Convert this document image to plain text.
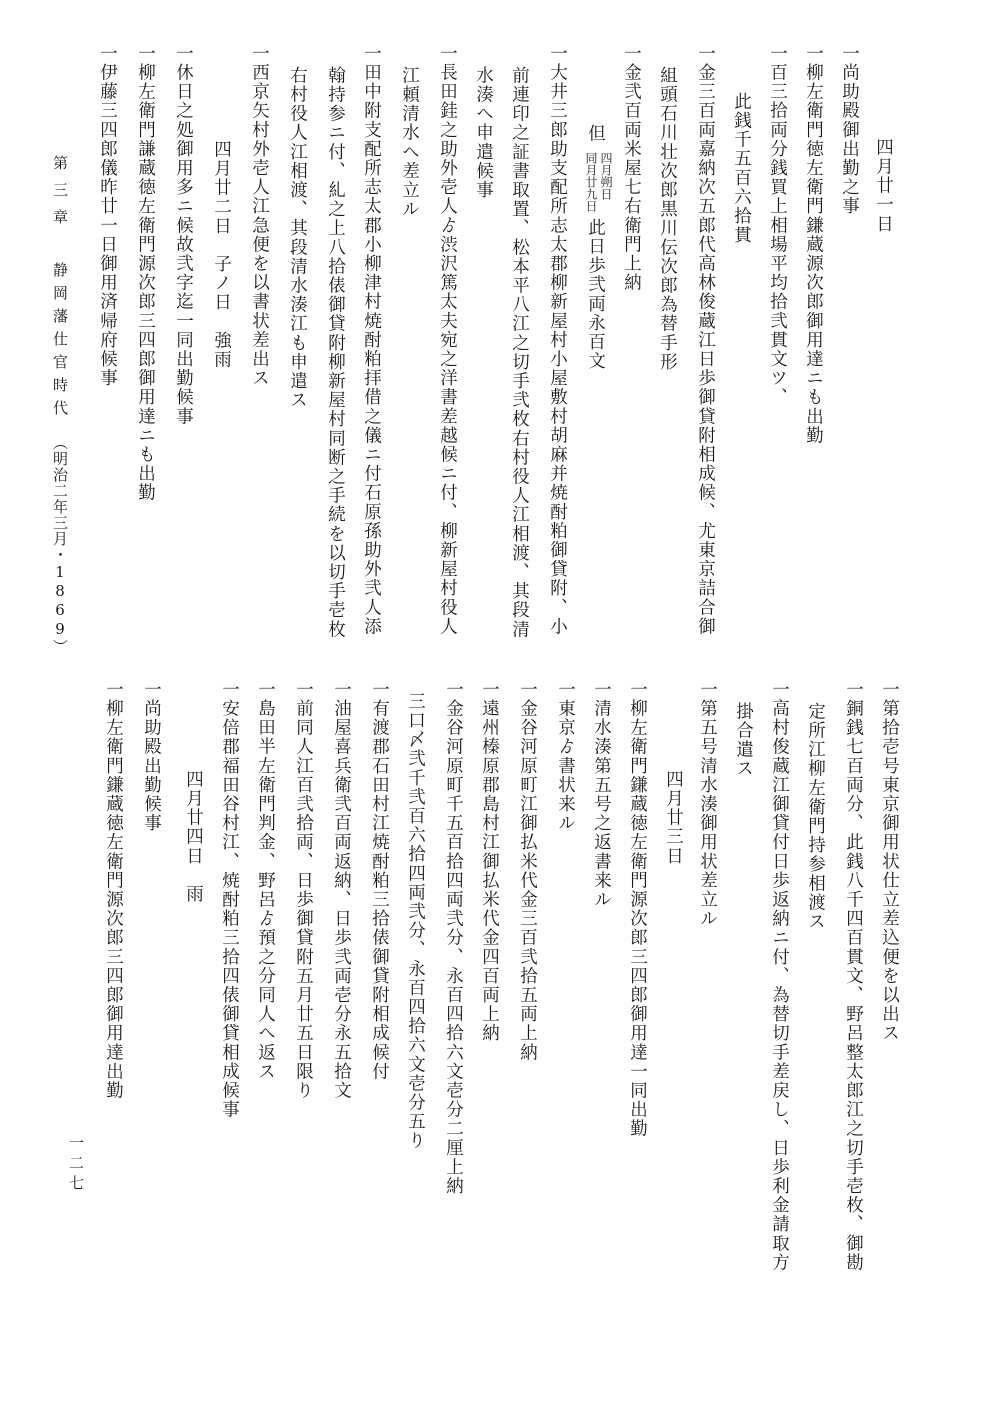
第三章静岡藩仕官時代（明治二年三月・1869）
四月廿一日
一尚助殿御出勤之事
一柳左衛門徳左衛門鎌蔵源次郎御用達ニも出勤
一百三拾両分銭買上相場平均拾弐貫文ツ、
此銭千五百六拾貫
一金三百両嘉納次五郎代高林俊蔵江日歩御貸附相成候、尤東京詰合御
組頭石川壮次郎黒川伝次郎為替手形
一金弐百両米屋七右衛門上納
但
四月朔日
同月廿九日
此日歩弐両永百文
一大井三郎助支配所志太郡柳新屋村小屋敷村胡麻并焼酎粕御貸附、小
前連印之証書取置、松本平八江之切手弐枚右村役人江相渡、其段清
水湊へ申遣候事
一長田銈之助外壱人ゟ渋沢篤太夫宛之洋書差越候ニ付、柳新屋村役人
江頼清水へ差立ル
一田中附支配所志太郡小柳津村焼酎粕拝借之儀ニ付石原孫助外弐人添
翰持参ニ付、糺之上八拾俵御貸附柳新屋村同断之手続を以切手壱枚
右村役人江相渡、其段清水湊江も申遣ス
一西京矢村外壱人江急便を以書状差出ス
四月廿二日　子ノ日　強雨
一休日之処御用多ニ候故弐字迄一同出勤候事
一柳左衛門謙蔵徳左衛門源次郎三四郎御用達ニも出勤
一伊藤三四郎儀昨廿一日御用済帰府候事
一第拾壱号東京御用状仕立差込便を以出ス
一銅銭七百両分、此銭八千四百貫文、野呂整太郎江之切手壱枚、御勘
定所江柳左衛門持参相渡ス
一高村俊蔵江御貸付日歩返納ニ付、為替切手差戻し、日歩利金請取方
掛合遣ス
一第五号清水湊御用状差立ル
四月廿三日
一柳左衛門鎌蔵徳左衛門源次郎三四郎御用達一同出勤
一清水湊第五号之返書来ル
一東京ゟ書状来ル
一金谷河原町江御払米代金三百弐拾五両上納
一遠州榛原郡島村江御払米代金四百両上納
一金谷河原町千五百拾四両弐分、永百四拾六文壱分二厘上納
三口〆弐千弐百六拾四両弐分、永百四拾六文壱分五り
一有渡郡石田村江焼酎粕三拾俵御貸附相成候付
一油屋喜兵衛弐百両返納、日歩弐両壱分永五拾文
一前同人江百弐拾両、日歩御貸附五月廿五日限り
一島田半左衛門判金、野呂ゟ預之分同人へ返ス
一安倍郡福田谷村江、焼酎粕三拾四俵御貸相成候事
四月廿四日　雨
一尚助殿出勤候事
一柳左衛門鎌蔵徳左衛門源次郎三四郎御用達出勤
一二七
